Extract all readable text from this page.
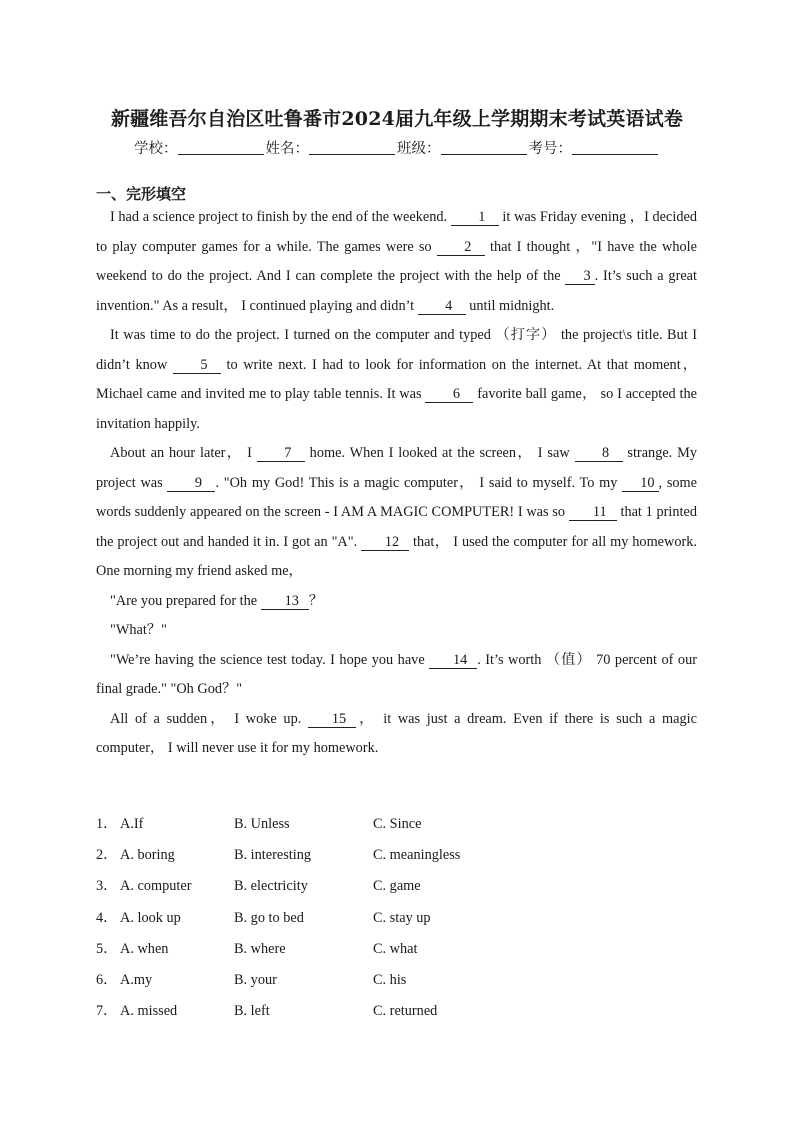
新疆维吾尔自治区吐鲁番市2024届九年级上学期期末考试英语试卷
学校：	姓名：	班级：	考号：
一、完形填空

I had a science project to finish by the end of the weekend. 1 it was Friday evening ，I decided to play computer games for a while. The games were so 2 that I thought ，"I have the whole weekend to do the project. And I can complete the project with the help of the 3 . It’s such a great invention." As a result， I continued playing and didn’t 4 until midnight.

It was time to do the project. I turned on the computer and typed （打字） the project\s title. But I didn’t know 5 to write next. I had to look for information on the internet. At that moment， Michael came and invited me to play table tennis. It was 6 favorite ball game， so I accepted the invitation happily.

About an hour later， I 7 home. When I looked at the screen， I saw 8 strange. My project was 9 . "Oh my God! This is a magic computer， I said to myself. To my 10 , some words suddenly appeared on the screen - I AM A MAGIC COMPUTER! I was so 11 that 1 printed the project out and handed it in. I got an "A". 12 that， I used the computer for all my homework. One morning my friend asked me，

"Are you prepared for the 13 ？

"What？"

"We’re having the science test today. I hope you have 14 . It’s worth （值） 70 percent of our final grade." "Oh God？"

All of a sudden， I woke up. 15 ， it was just a dream. Even if there is such a magic computer， I will never use it for my homework.

1． A.If	B. Unless	C. Since
2． A. boring	B. interesting	C. meaningless
3． A. computer	B. electricity	C. game
4． A. look up	B. go to bed	C. stay up
5． A. when	B. where	C. what
6． A.my	B. your	C. his
7． A. missed	B. left	C. returned
